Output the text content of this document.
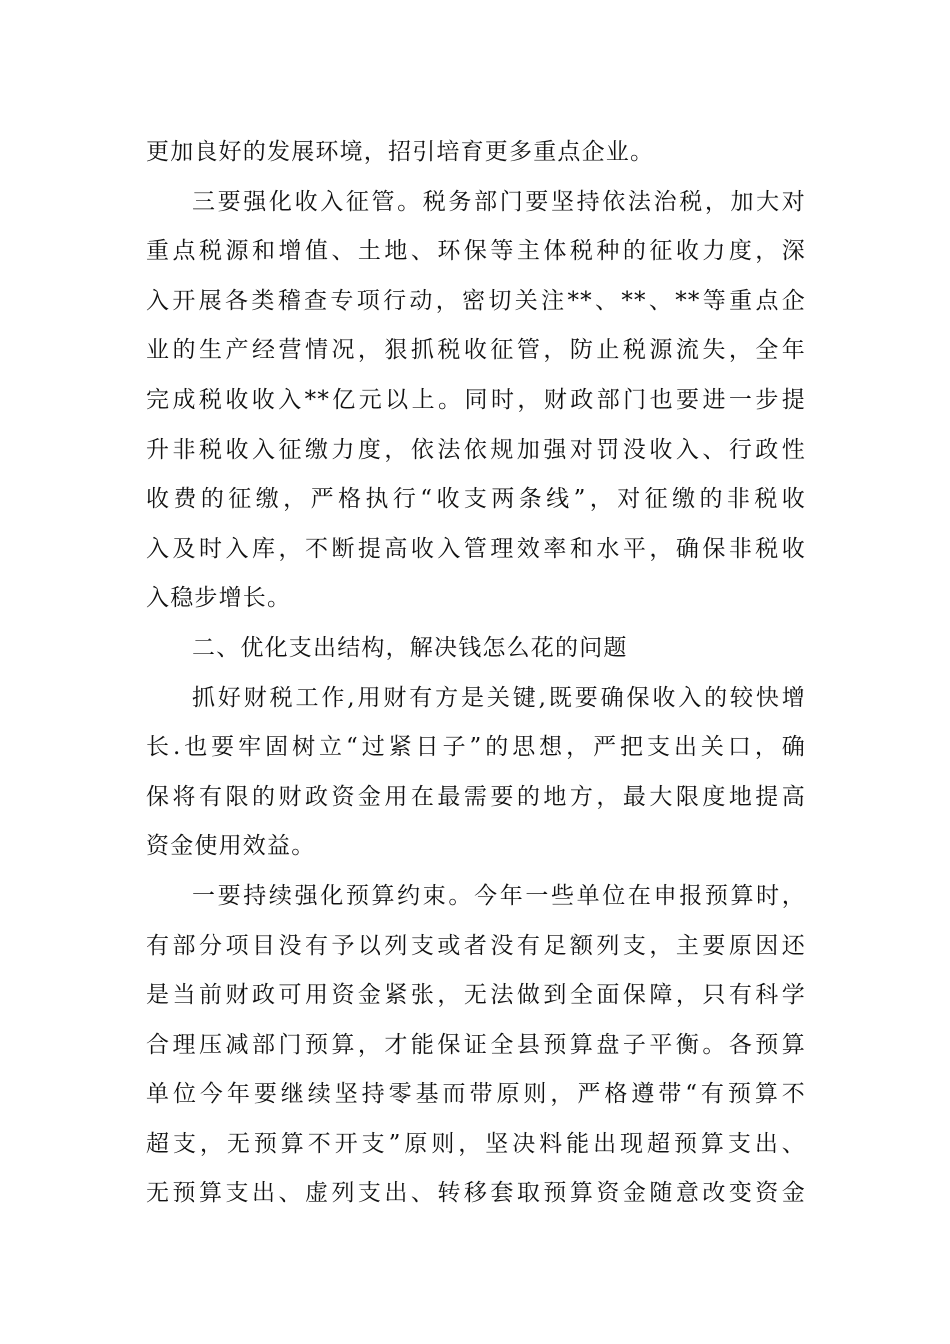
更加良好的发展环境，招引培育更多重点企业。
三要强化收入征管。税务部门要坚持依法治税，加大对
重点税源和增值、土地、环保等主体税种的征收力度，深
入开展各类稽查专项行动，密切关注**、**、**等重点企
业的生产经营情况，狠抓税收征管，防止税源流失，全年
完成税收收入**亿元以上。同时，财政部门也要进一步提
升非税收入征缴力度，依法依规加强对罚没收入、行政性
收费的征缴，严格执行“收支两条线”，对征缴的非税收
入及时入库，不断提高收入管理效率和水平，确保非税收
入稳步增长。
二、优化支出结构，解决钱怎么花的问题
抓好财税工作,用财有方是关键,既要确保收入的较快增
长.也要牢固树立“过紧日子”的思想，严把支出关口，确
保将有限的财政资金用在最需要的地方，最大限度地提高
资金使用效益。
一要持续强化预算约束。今年一些单位在申报预算时，
有部分项目没有予以列支或者没有足额列支，主要原因还
是当前财政可用资金紧张，无法做到全面保障，只有科学
合理压减部门预算，才能保证全县预算盘子平衡。各预算
单位今年要继续坚持零基而带原则，严格遵带“有预算不
超支，无预算不开支”原则，坚决料能出现超预算支出、
无预算支出、虚列支出、转移套取预算资金随意改变资金
